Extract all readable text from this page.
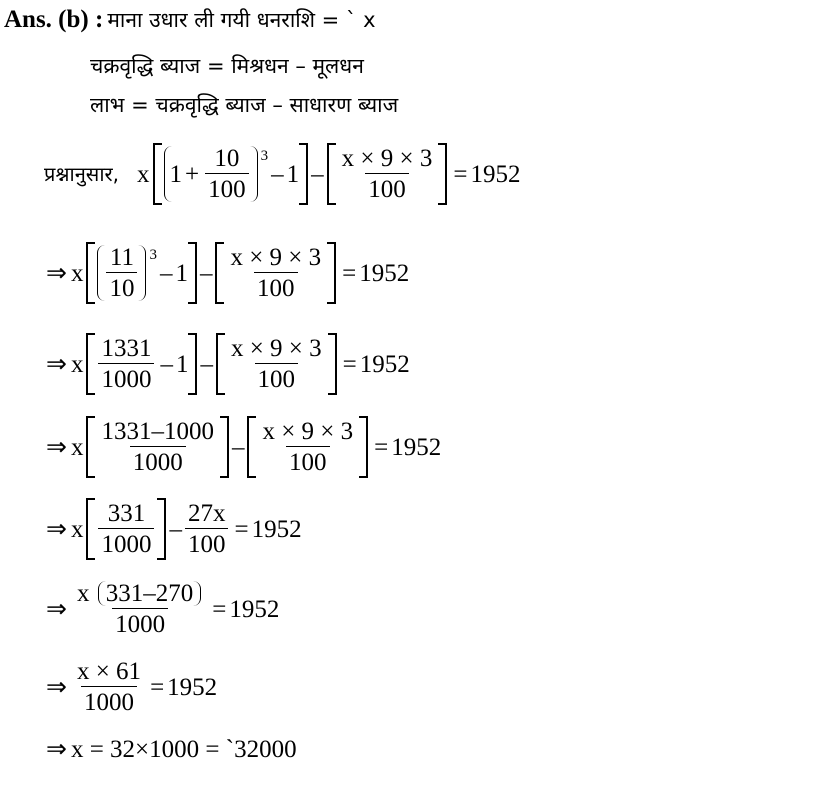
Ans. (b) : माना उधार ली गयी धनराशि = ` x
चक्रवृद्धि ब्याज = मिश्रधन – मूलधन
लाभ = चक्रवृद्धि ब्याज – साधारण ब्याज
प्रश्नानुसार, x $1 + \frac{10}{100} ^3$
– $1 - \frac{x \times 9 \times 3}{100} = 1952$
⇒ x $\frac{11}{10} ^3$
– $1 - \frac{x \times 9 \times 3}{100} = 1952$
⇒ x $\frac{1331}{1000} - 1 - \frac{x \times 9 \times 3}{100} = 1952$
⇒ x $\frac{1331-1000}{1000} - \frac{x \times 9 \times 3}{100} = 1952$
⇒ x $\frac{331}{1000} - \frac{27x}{100} = 1952$
⇒ $\frac{x 331-270}{1000} = 1952$
⇒ $\frac{x \times 61}{1000} = 1952$
⇒ x = 32×1000 = `32000
